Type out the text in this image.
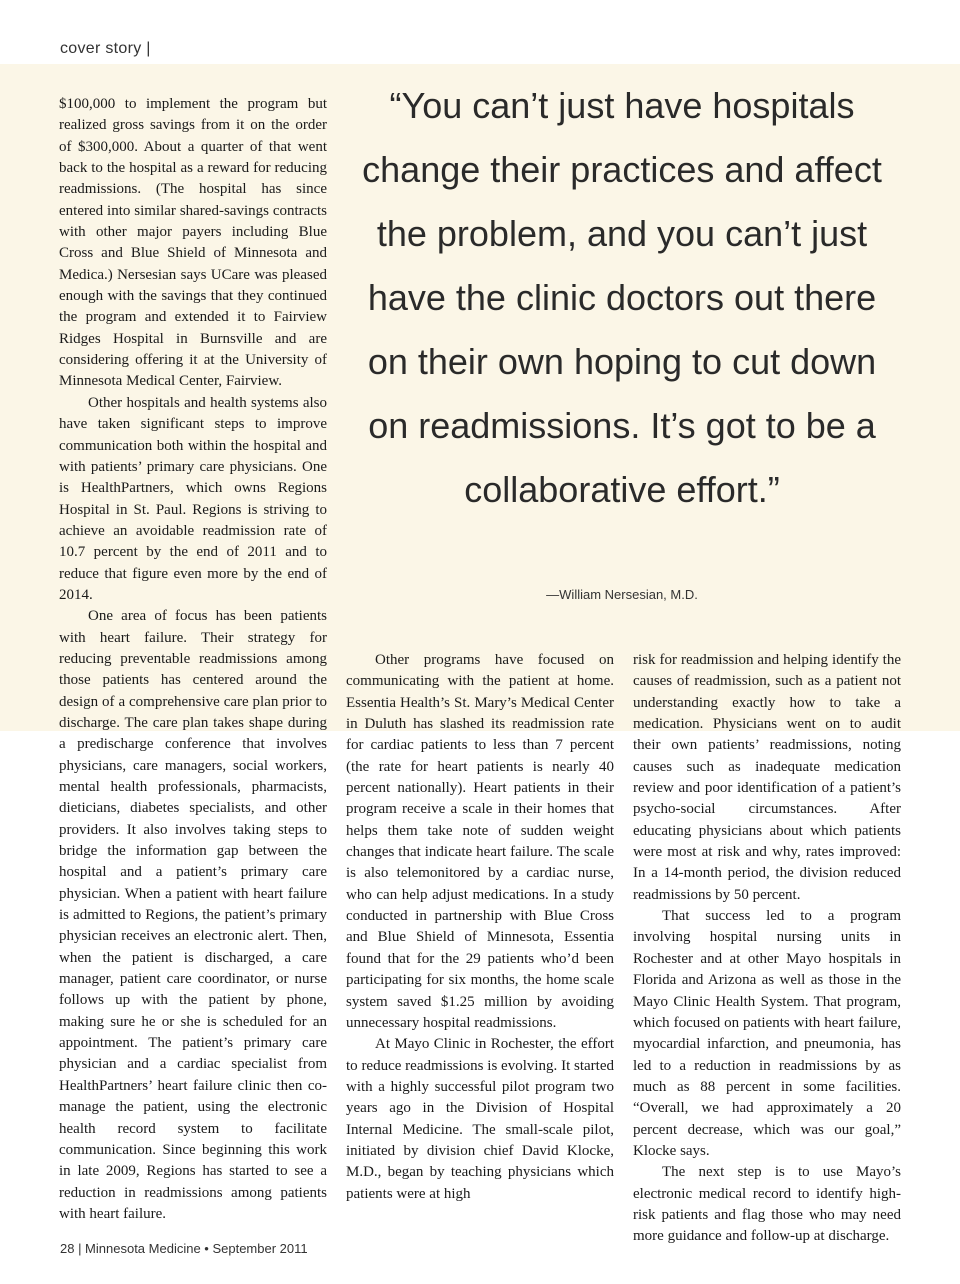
cover story |

$100,000 to implement the program but realized gross savings from it on the order of $300,000. About a quarter of that went back to the hospital as a reward for reducing readmissions. (The hospital has since entered into similar shared-savings contracts with other major payers including Blue Cross and Blue Shield of Minnesota and Medica.) Nersesian says UCare was pleased enough with the savings that they continued the program and extended it to Fairview Ridges Hospital in Burnsville and are considering offering it at the University of Minnesota Medical Center, Fairview.

Other hospitals and health systems also have taken significant steps to improve communication both within the hospital and with patients’ primary care physicians. One is HealthPartners, which owns Regions Hospital in St. Paul. Regions is striving to achieve an avoidable readmission rate of 10.7 percent by the end of 2011 and to reduce that figure even more by the end of 2014.

One area of focus has been patients with heart failure. Their strategy for reducing preventable readmissions among those patients has centered around the design of a comprehensive care plan prior to discharge. The care plan takes shape during a predischarge conference that involves physicians, care managers, social workers, mental health professionals, pharmacists, dieticians, diabetes specialists, and other providers. It also involves taking steps to bridge the information gap between the hospital and a patient’s primary care physician. When a patient with heart failure is admitted to Regions, the patient’s primary physician receives an electronic alert. Then, when the patient is discharged, a care manager, patient care coordinator, or nurse follows up with the patient by phone, making sure he or she is scheduled for an appointment. The patient’s primary care physician and a cardiac specialist from HealthPartners’ heart failure clinic then co-manage the patient, using the electronic health record system to facilitate communication. Since beginning this work in late 2009, Regions has started to see a reduction in readmissions among patients with heart failure.

“You can’t just have hospitals change their practices and affect the problem, and you can’t just have the clinic doctors out there on their own hoping to cut down on readmissions. It’s got to be a collaborative effort.”

—William Nersesian, M.D.

Other programs have focused on communicating with the patient at home. Essentia Health’s St. Mary’s Medical Center in Duluth has slashed its readmission rate for cardiac patients to less than 7 percent (the rate for heart patients is nearly 40 percent nationally). Heart patients in their program receive a scale in their homes that helps them take note of sudden weight changes that indicate heart failure. The scale is also telemonitored by a cardiac nurse, who can help adjust medications. In a study conducted in partnership with Blue Cross and Blue Shield of Minnesota, Essentia found that for the 29 patients who’d been participating for six months, the home scale system saved $1.25 million by avoiding unnecessary hospital readmissions.

At Mayo Clinic in Rochester, the effort to reduce readmissions is evolving. It started with a highly successful pilot program two years ago in the Division of Hospital Internal Medicine. The small-scale pilot, initiated by division chief David Klocke, M.D., began by teaching physicians which patients were at high

risk for readmission and helping identify the causes of readmission, such as a patient not understanding exactly how to take a medication. Physicians went on to audit their own patients’ readmissions, noting causes such as inadequate medication review and poor identification of a patient’s psycho-social circumstances. After educating physicians about which patients were most at risk and why, rates improved: In a 14-month period, the division reduced readmissions by 50 percent.

That success led to a program involving hospital nursing units in Rochester and at other Mayo hospitals in Florida and Arizona as well as those in the Mayo Clinic Health System. That program, which focused on patients with heart failure, myocardial infarction, and pneumonia, has led to a reduction in readmissions by as much as 88 percent in some facilities. “Overall, we had approximately a 20 percent decrease, which was our goal,” Klocke says.

The next step is to use Mayo’s electronic medical record to identify high-risk patients and flag those who may need more guidance and follow-up at discharge.

28 | Minnesota Medicine • September 2011
